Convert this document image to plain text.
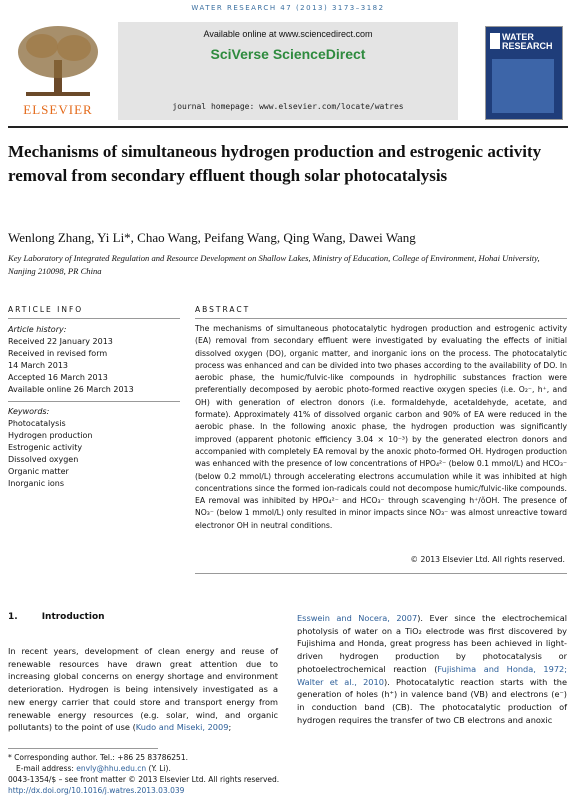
WATER RESEARCH 47 (2013) 3173–3182
ELSEVIER
Available online at www.sciencedirect.com
SciVerse ScienceDirect
journal homepage: www.elsevier.com/locate/watres
WATER
RESEARCH
Mechanisms of simultaneous hydrogen production and estrogenic activity removal from secondary effluent though solar photocatalysis
Wenlong Zhang, Yi Li*, Chao Wang, Peifang Wang, Qing Wang, Dawei Wang
Key Laboratory of Integrated Regulation and Resource Development on Shallow Lakes, Ministry of Education, College of Environment, Hohai University, Nanjing 210098, PR China
ARTICLE INFO	ABSTRACT
Article history:
Received 22 January 2013
Received in revised form
14 March 2013
Accepted 16 March 2013
Available online 26 March 2013
Keywords:
Photocatalysis
Hydrogen production
Estrogenic activity
Dissolved oxygen
Organic matter
Inorganic ions
The mechanisms of simultaneous photocatalytic hydrogen production and estrogenic activity (EA) removal from secondary effluent were investigated by evaluating the effects of initial dissolved oxygen (DO), organic matter, and inorganic ions on the process. The photocatalytic process was enhanced and can be divided into two phases according to the availability of DO. In aerobic phase, the humic/fulvic-like compounds in hydrophilic substances fraction were preferentially decomposed by aerobic photo-formed reactive oxygen species (i.e. O₂⁻, h⁺, and OH) with generation of electron donors (i.e. formaldehyde, acetaldehyde, acetate, and formate). Approximately 41% of dissolved organic carbon and 90% of EA were reduced in the aerobic phase. In the following anoxic phase, the hydrogen production was significantly improved (apparent photonic efficiency 3.04 × 10⁻³) by the generated electron donors and accompanied with completely EA removal by the anoxic photo-formed OH. Hydrogen production was enhanced with the presence of low concentrations of HPO₄²⁻ (below 0.1 mmol/L) and HCO₃⁻ (below 0.2 mmol/L) through accelerating electrons accumulation while it was inhibited at high concentrations since the formed ion-radicals could not decompose humic/fulvic-like compounds. EA removal was inhibited by HPO₄²⁻ and HCO₃⁻ through scavenging h⁺/ŏOH. The presence of NO₃⁻ (below 1 mmol/L) only resulted in minor impacts since NO₃⁻ was almost unreactive toward electronor OH in neutral conditions.
© 2013 Elsevier Ltd. All rights reserved.
1.	Introduction
In recent years, development of clean energy and reuse of renewable resources have drawn great attention due to increasing global concerns on energy shortage and environment deterioration. Hydrogen is being intensively investigated as a new energy carrier that could store and transport energy from renewable energy resources (e.g. solar, wind, and organic pollutants) to the point of use (Kudo and Miseki, 2009;
Esswein and Nocera, 2007). Ever since the electrochemical photolysis of water on a TiO₂ electrode was first discovered by Fujishima and Honda, great progress has been achieved in light-driven hydrogen production by photocatalysis or photoelectrochemical reaction (Fujishima and Honda, 1972; Walter et al., 2010). Photocatalytic reaction starts with the generation of holes (h⁺) in valence band (VB) and electrons (e⁻) in conduction band (CB). The photocatalytic production of hydrogen requires the transfer of two CB electrons and anoxic
* Corresponding author. Tel.: +86 25 83786251.
E-mail address: envly@hhu.edu.cn (Y. Li).
0043-1354/$ – see front matter © 2013 Elsevier Ltd. All rights reserved.
http://dx.doi.org/10.1016/j.watres.2013.03.039
